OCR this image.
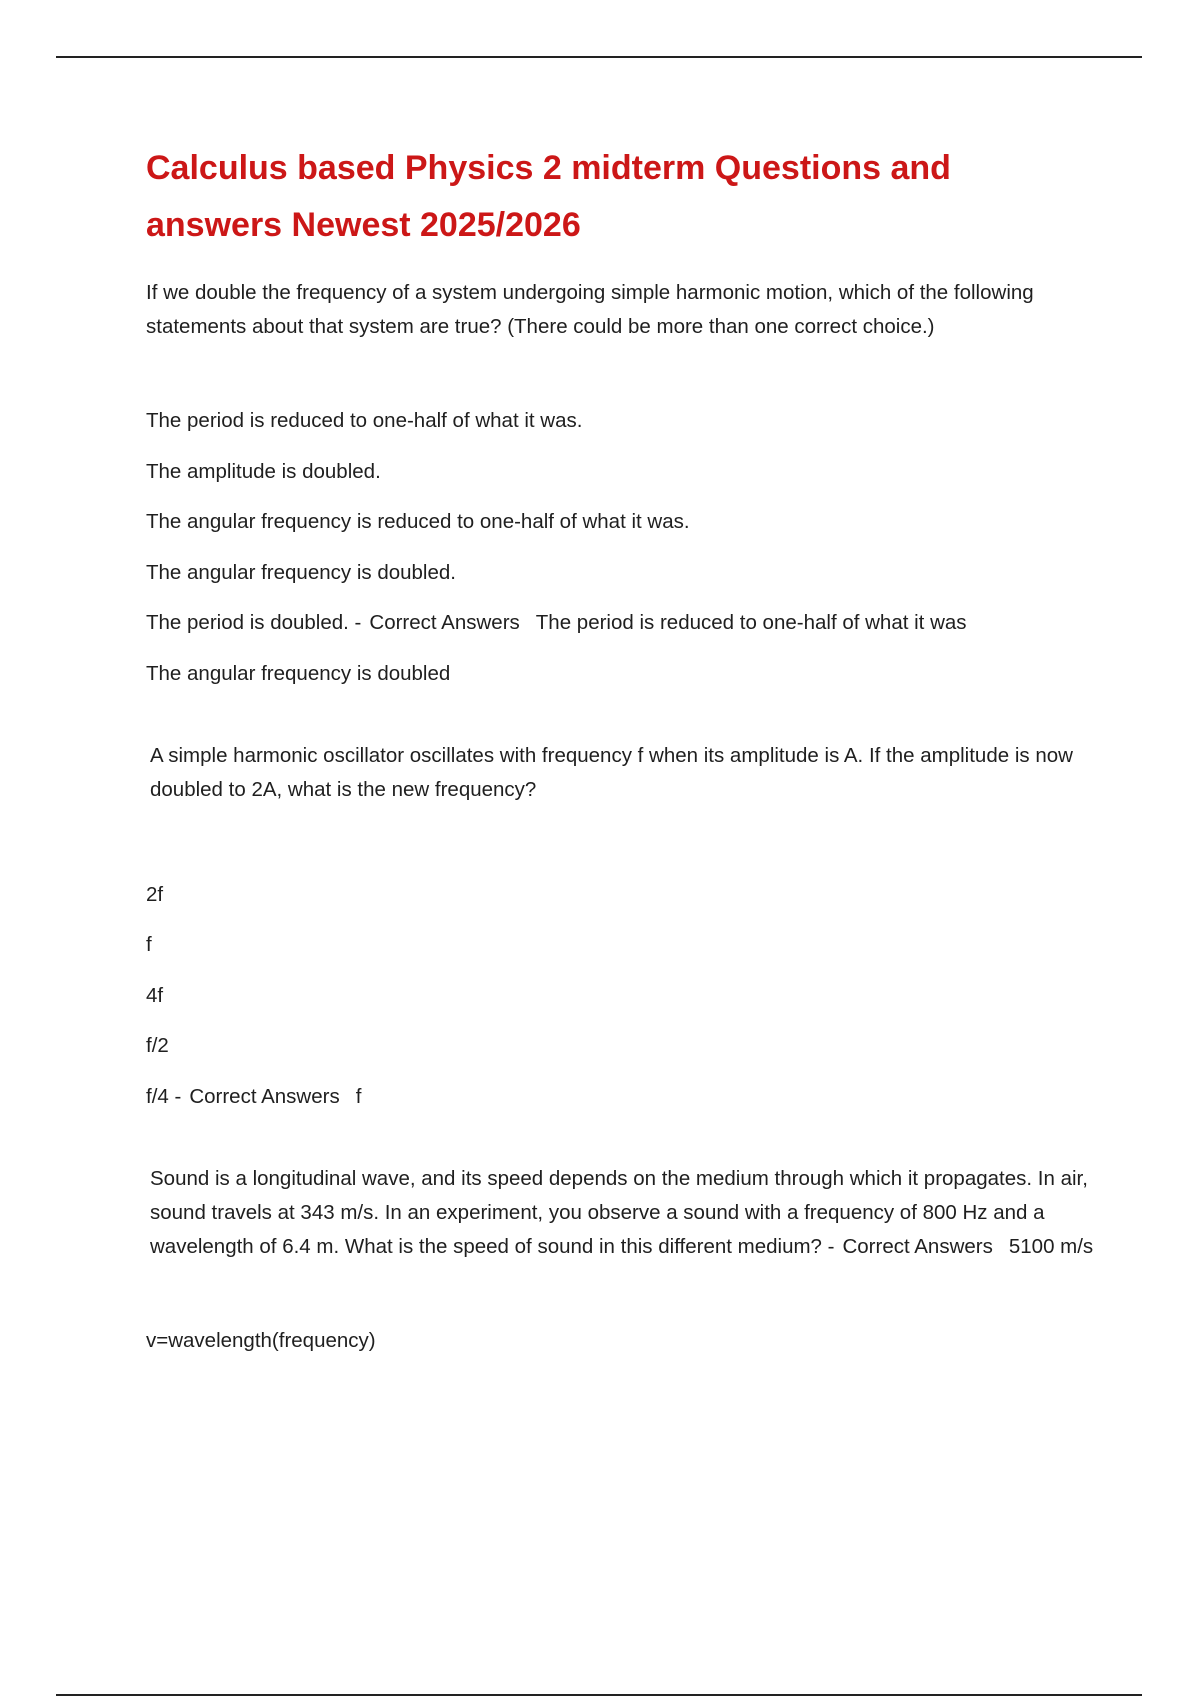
Calculus based Physics 2 midterm Questions and answers Newest 2025/2026

If we double the frequency of a system undergoing simple harmonic motion, which of the following statements about that system are true? (There could be more than one correct choice.)

The period is reduced to one-half of what it was.
The amplitude is doubled.
The angular frequency is reduced to one-half of what it was.
The angular frequency is doubled.
The period is doubled. - Correct Answers The period is reduced to one-half of what it was
The angular frequency is doubled

A simple harmonic oscillator oscillates with frequency f when its amplitude is A. If the amplitude is now doubled to 2A, what is the new frequency?

2f
f
4f
f/2
f/4 - Correct Answers f

Sound is a longitudinal wave, and its speed depends on the medium through which it propagates. In air, sound travels at 343 m/s. In an experiment, you observe a sound with a frequency of 800 Hz and a wavelength of 6.4 m. What is the speed of sound in this different medium? - Correct Answers 5100 m/s

v=wavelength(frequency)
